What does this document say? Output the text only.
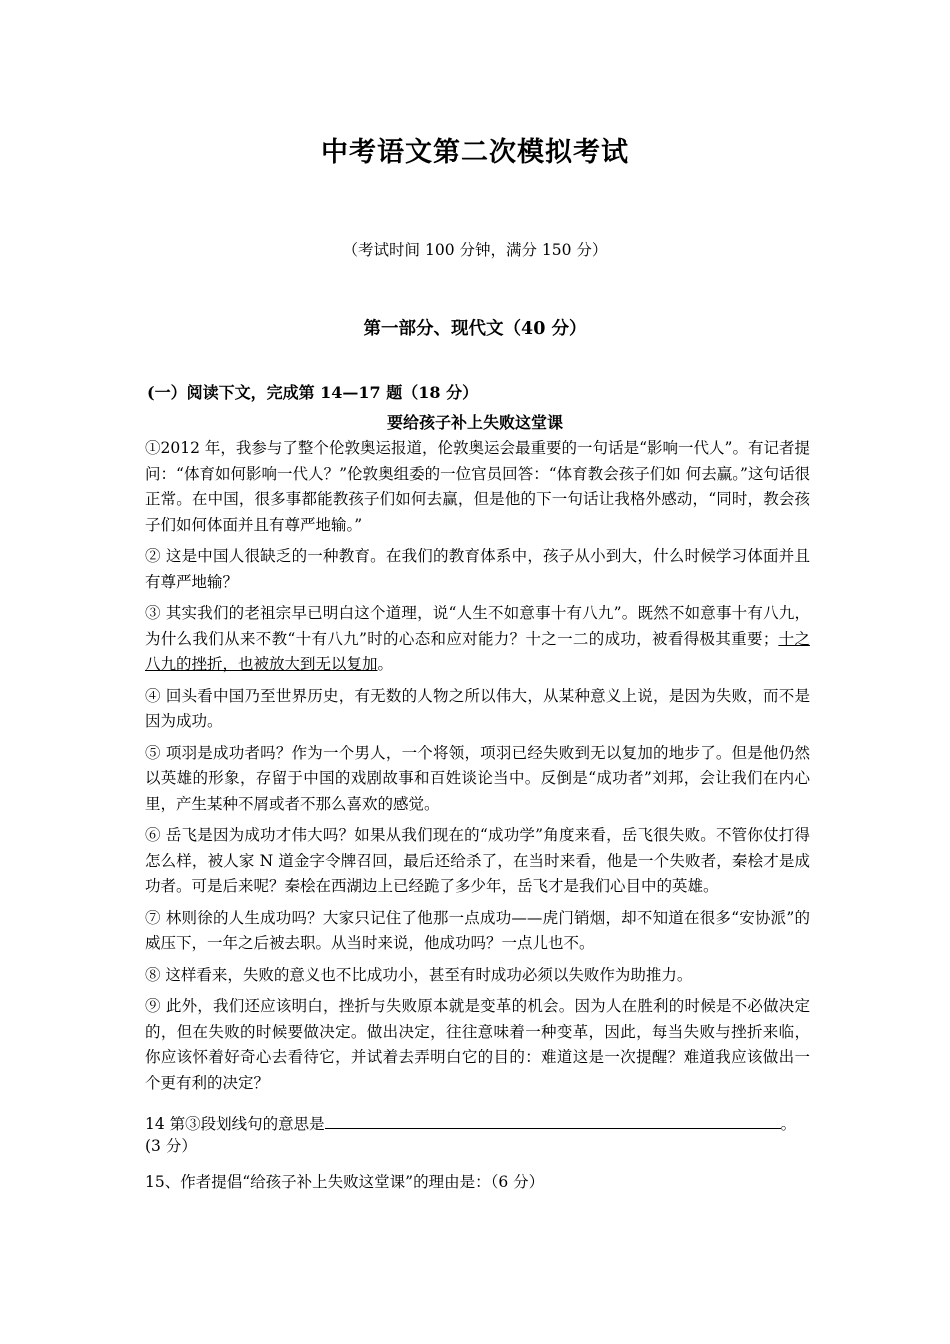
中考语文第二次模拟考试
（考试时间 100 分钟，满分 150 分）
第一部分、现代文（40 分）
(一）阅读下文，完成第 14—17 题（18 分）
要给孩子补上失败这堂课

①2012 年，我参与了整个伦敦奥运报道，伦敦奥运会最重要的一句话是“影响一代人”。有记者提问：“体育如何影响一代人？”伦敦奥组委的一位官员回答：“体育教会孩子们如 何去赢。”这句话很正常。在中国，很多事都能教孩子们如何去赢，但是他的下一句话让我格外感动，“同时，教会孩子们如何体面并且有尊严地输。”

② 这是中国人很缺乏的一种教育。在我们的教育体系中，孩子从小到大，什么时候学习体面并且有尊严地输？

③ 其实我们的老祖宗早已明白这个道理，说“人生不如意事十有八九”。既然不如意事十有八九，为什么我们从来不教“十有八九”时的心态和应对能力？十之一二的成功，被看得极其重要；十之八九的挫折，也被放大到无以复加。

④ 回头看中国乃至世界历史，有无数的人物之所以伟大，从某种意义上说，是因为失败，而不是因为成功。

⑤ 项羽是成功者吗？作为一个男人，一个将领，项羽已经失败到无以复加的地步了。但是他仍然以英雄的形象，存留于中国的戏剧故事和百姓谈论当中。反倒是“成功者”刘邦，会让我们在内心里，产生某种不屑或者不那么喜欢的感觉。

⑥ 岳飞是因为成功才伟大吗？如果从我们现在的“成功学”角度来看，岳飞很失败。不管你仗打得怎么样，被人家 N 道金字令牌召回，最后还给杀了，在当时来看，他是一个失败者，秦桧才是成功者。可是后来呢？秦桧在西湖边上已经跪了多少年，岳飞才是我们心目中的英雄。

⑦ 林则徐的人生成功吗？大家只记住了他那一点成功——虎门销烟，却不知道在很多“安协派”的威压下，一年之后被去职。从当时来说，他成功吗？一点儿也不。

⑧ 这样看来，失败的意义也不比成功小，甚至有时成功必须以失败作为助推力。

⑨ 此外，我们还应该明白，挫折与失败原本就是变革的机会。因为人在胜利的时候是不必做决定的，但在失败的时候要做决定。做出决定，往往意味着一种变革，因此，每当失败与挫折来临，你应该怀着好奇心去看待它，并试着去弄明白它的目的：难道这是一次提醒？难道我应该做出一个更有利的决定？

14 第③段划线句的意思是	。
(3 分）
15、作者提倡“给孩子补上失败这堂课”的理由是：（6 分）
